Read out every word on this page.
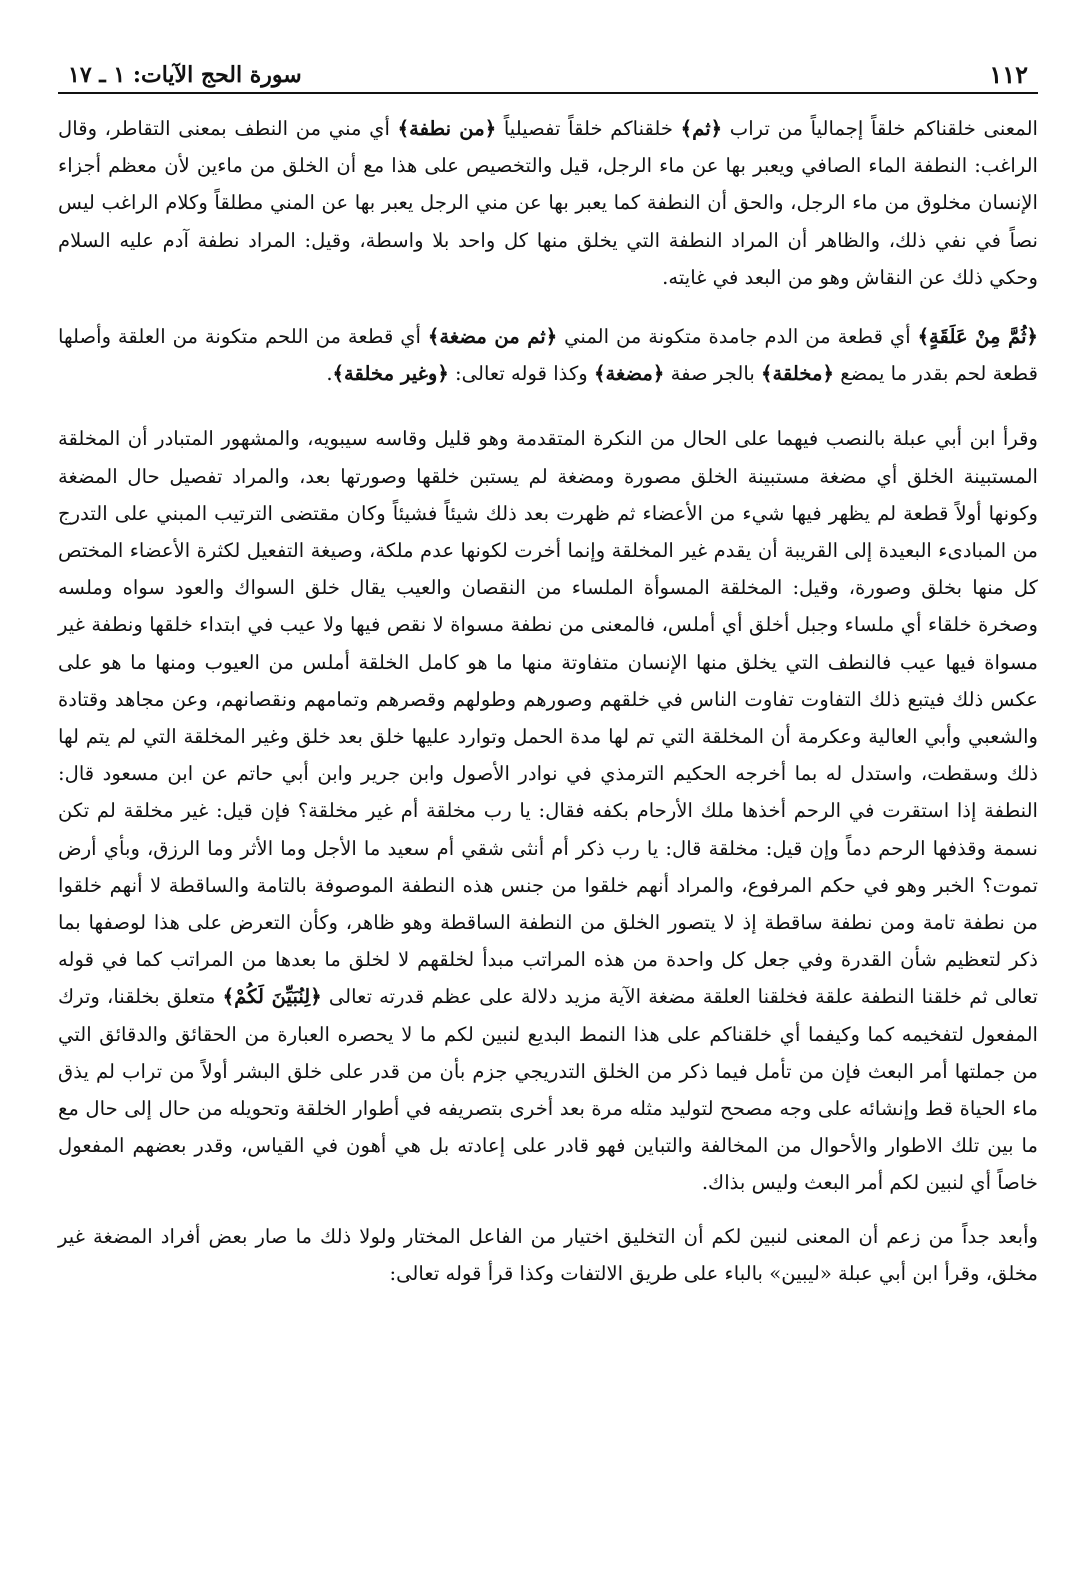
١١٢
سورة الحج الآيات: ١ ـ ١٧

المعنى خلقناكم خلقاً إجمالياً من تراب ﴿ثم﴾ خلقناكم خلقاً تفصيلياً ﴿من نطفة﴾ أي مني من النطف بمعنى التقاطر، وقال الراغب: النطفة الماء الصافي ويعبر بها عن ماء الرجل، قيل والتخصيص على هذا مع أن الخلق من ماءين لأن معظم أجزاء الإنسان مخلوق من ماء الرجل، والحق أن النطفة كما يعبر بها عن مني الرجل يعبر بها عن المني مطلقاً وكلام الراغب ليس نصاً في نفي ذلك، والظاهر أن المراد النطفة التي يخلق منها كل واحد بلا واسطة، وقيل: المراد نطفة آدم عليه السلام وحكي ذلك عن النقاش وهو من البعد في غايته.

﴿ثُمَّ مِنْ عَلَقَةٍ﴾ أي قطعة من الدم جامدة متكونة من المني ﴿ثم من مضغة﴾ أي قطعة من اللحم متكونة من العلقة وأصلها قطعة لحم بقدر ما يمضع ﴿مخلقة﴾ بالجر صفة ﴿مضغة﴾ وكذا قوله تعالى: ﴿وغير مخلقة﴾.

وقرأ ابن أبي عبلة بالنصب فيهما على الحال من النكرة المتقدمة وهو قليل وقاسه سيبويه، والمشهور المتبادر أن المخلقة المستبينة الخلق أي مضغة مستبينة الخلق مصورة ومضغة لم يستبن خلقها وصورتها بعد، والمراد تفصيل حال المضغة وكونها أولاً قطعة لم يظهر فيها شيء من الأعضاء ثم ظهرت بعد ذلك شيئاً فشيئاً وكان مقتضى الترتيب المبني على التدرج من المبادىء البعيدة إلى القريبة أن يقدم غير المخلقة وإنما أخرت لكونها عدم ملكة، وصيغة التفعيل لكثرة الأعضاء المختص كل منها بخلق وصورة، وقيل: المخلقة المسوأة الملساء من النقصان والعيب يقال خلق السواك والعود سواه وملسه وصخرة خلقاء أي ملساء وجبل أخلق أي أملس، فالمعنى من نطفة مسواة لا نقص فيها ولا عيب في ابتداء خلقها ونطفة غير مسواة فيها عيب فالنطف التي يخلق منها الإنسان متفاوتة منها ما هو كامل الخلقة أملس من العيوب ومنها ما هو على عكس ذلك فيتبع ذلك التفاوت تفاوت الناس في خلقهم وصورهم وطولهم وقصرهم وتمامهم ونقصانهم، وعن مجاهد وقتادة والشعبي وأبي العالية وعكرمة أن المخلقة التي تم لها مدة الحمل وتوارد عليها خلق بعد خلق وغير المخلقة التي لم يتم لها ذلك وسقطت، واستدل له بما أخرجه الحكيم الترمذي في نوادر الأصول وابن جرير وابن أبي حاتم عن ابن مسعود قال: النطفة إذا استقرت في الرحم أخذها ملك الأرحام بكفه فقال: يا رب مخلقة أم غير مخلقة؟ فإن قيل: غير مخلقة لم تكن نسمة وقذفها الرحم دماً وإن قيل: مخلقة قال: يا رب ذكر أم أنثى شقي أم سعيد ما الأجل وما الأثر وما الرزق، وبأي أرض تموت؟ الخبر وهو في حكم المرفوع، والمراد أنهم خلقوا من جنس هذه النطفة الموصوفة بالتامة والساقطة لا أنهم خلقوا من نطفة تامة ومن نطفة ساقطة إذ لا يتصور الخلق من النطفة الساقطة وهو ظاهر، وكأن التعرض على هذا لوصفها بما ذكر لتعظيم شأن القدرة وفي جعل كل واحدة من هذه المراتب مبدأ لخلقهم لا لخلق ما بعدها من المراتب كما في قوله تعالى ثم خلقنا النطفة علقة فخلقنا العلقة مضغة الآية مزيد دلالة على عظم قدرته تعالى ﴿لِنُبَيِّنَ لَكُمْ﴾ متعلق بخلقنا، وترك المفعول لتفخيمه كما وكيفما أي خلقناكم على هذا النمط البديع لنبين لكم ما لا يحصره العبارة من الحقائق والدقائق التي من جملتها أمر البعث فإن من تأمل فيما ذكر من الخلق التدريجي جزم بأن من قدر على خلق البشر أولاً من تراب لم يذق ماء الحياة قط وإنشائه على وجه مصحح لتوليد مثله مرة بعد أخرى بتصريفه في أطوار الخلقة وتحويله من حال إلى حال مع ما بين تلك الاطوار والأحوال من المخالفة والتباين فهو قادر على إعادته بل هي أهون في القياس، وقدر بعضهم المفعول خاصاً أي لنبين لكم أمر البعث وليس بذاك.

وأبعد جداً من زعم أن المعنى لنبين لكم أن التخليق اختيار من الفاعل المختار ولولا ذلك ما صار بعض أفراد المضغة غير مخلق، وقرأ ابن أبي عبلة «ليبين» بالباء على طريق الالتفات وكذا قرأ قوله تعالى:
